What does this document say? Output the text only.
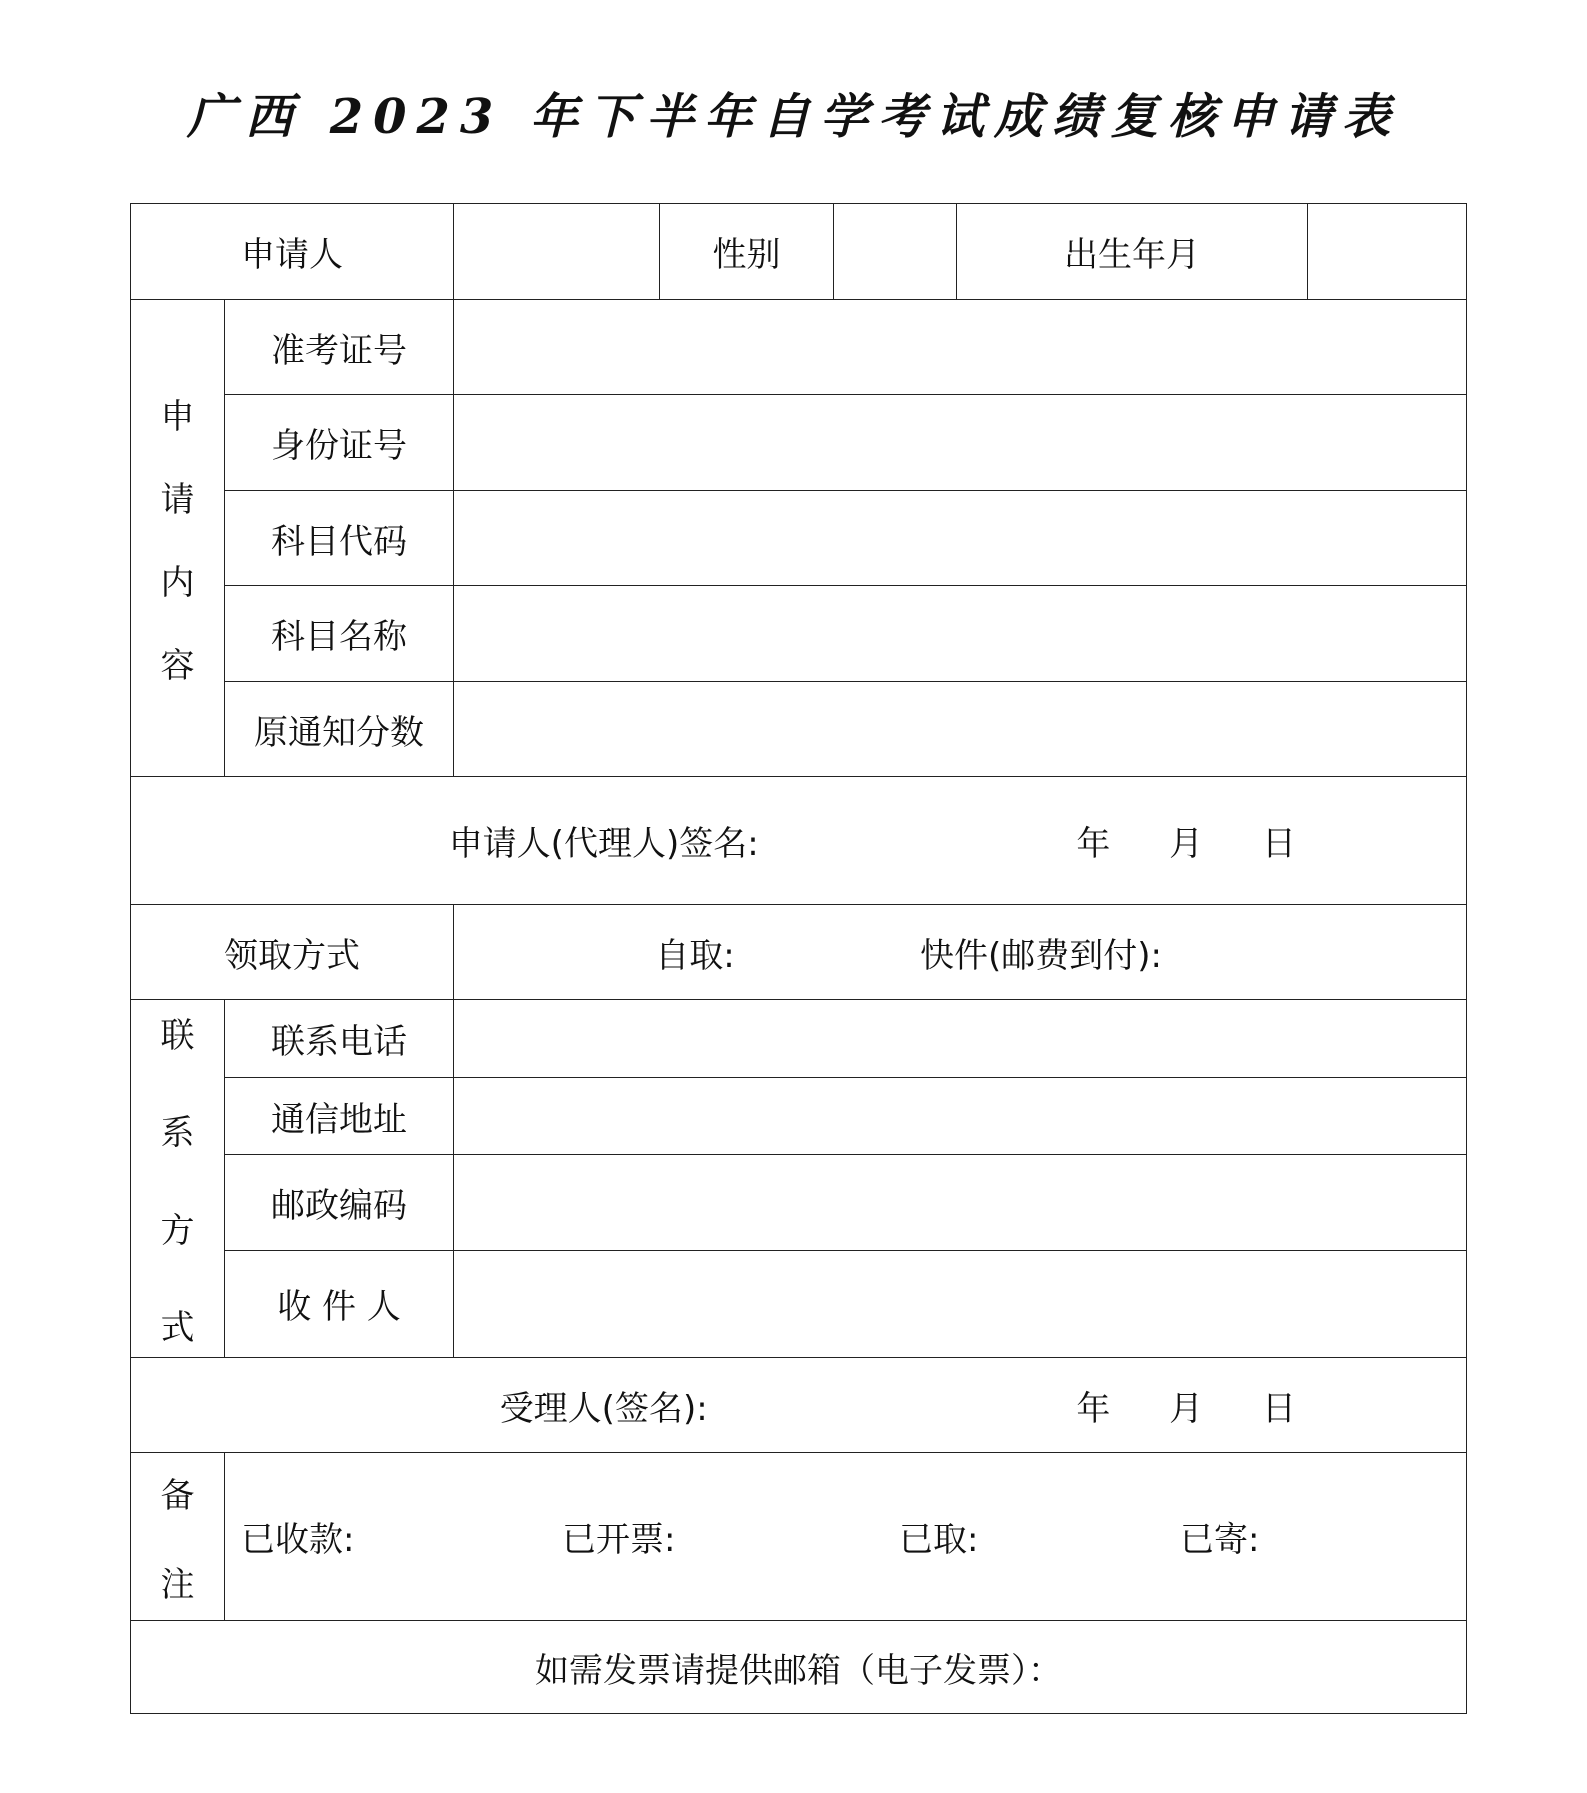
广西 2023 年下半年自学考试成绩复核申请表
申请人			性别		出生年月	

申
请
内
容	准考证号					
	身份证号					
	科目代码					
	科目名称					
	原通知分数					
申请人(代理人)签名: 年 月 日						

领取方式		自取: 快件(邮费到付):				

联
系
方
式	联系电话					
	通信地址					
	邮政编码					
	收 件 人					
受理人(签名): 年 月 日						

备
注	已收款: 已开票: 已取: 已寄:					

如需发票请提供邮箱（电子发票）：						
